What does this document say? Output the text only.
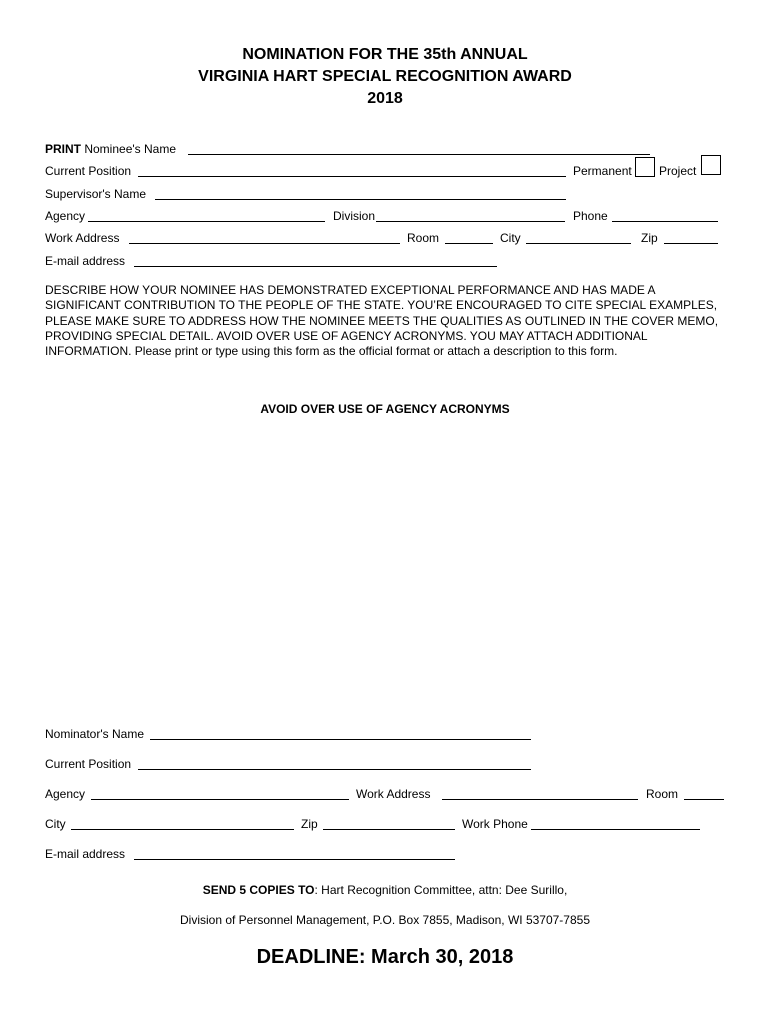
NOMINATION FOR THE 35th ANNUAL
VIRGINIA HART SPECIAL RECOGNITION AWARD
2018
PRINT Nominee's Name
Current Position	Permanent Project
Supervisor's Name
Agency	Division	Phone
Work Address	Room	City	Zip
E-mail address
DESCRIBE HOW YOUR NOMINEE HAS DEMONSTRATED EXCEPTIONAL PERFORMANCE AND HAS MADE A SIGNIFICANT CONTRIBUTION TO THE PEOPLE OF THE STATE. YOU’RE ENCOURAGED TO CITE SPECIAL EXAMPLES, PLEASE MAKE SURE TO ADDRESS HOW THE NOMINEE MEETS THE QUALITIES AS OUTLINED IN THE COVER MEMO, PROVIDING SPECIAL DETAIL. AVOID OVER USE OF AGENCY ACRONYMS. YOU MAY ATTACH ADDITIONAL INFORMATION. Please print or type using this form as the official format or attach a description to this form.
AVOID OVER USE OF AGENCY ACRONYMS
Nominator's Name
Current Position
Agency	Work Address	Room
City	Zip	Work Phone
E-mail address
SEND 5 COPIES TO: Hart Recognition Committee, attn: Dee Surillo,
Division of Personnel Management, P.O. Box 7855, Madison, WI 53707-7855
DEADLINE: March 30, 2018
